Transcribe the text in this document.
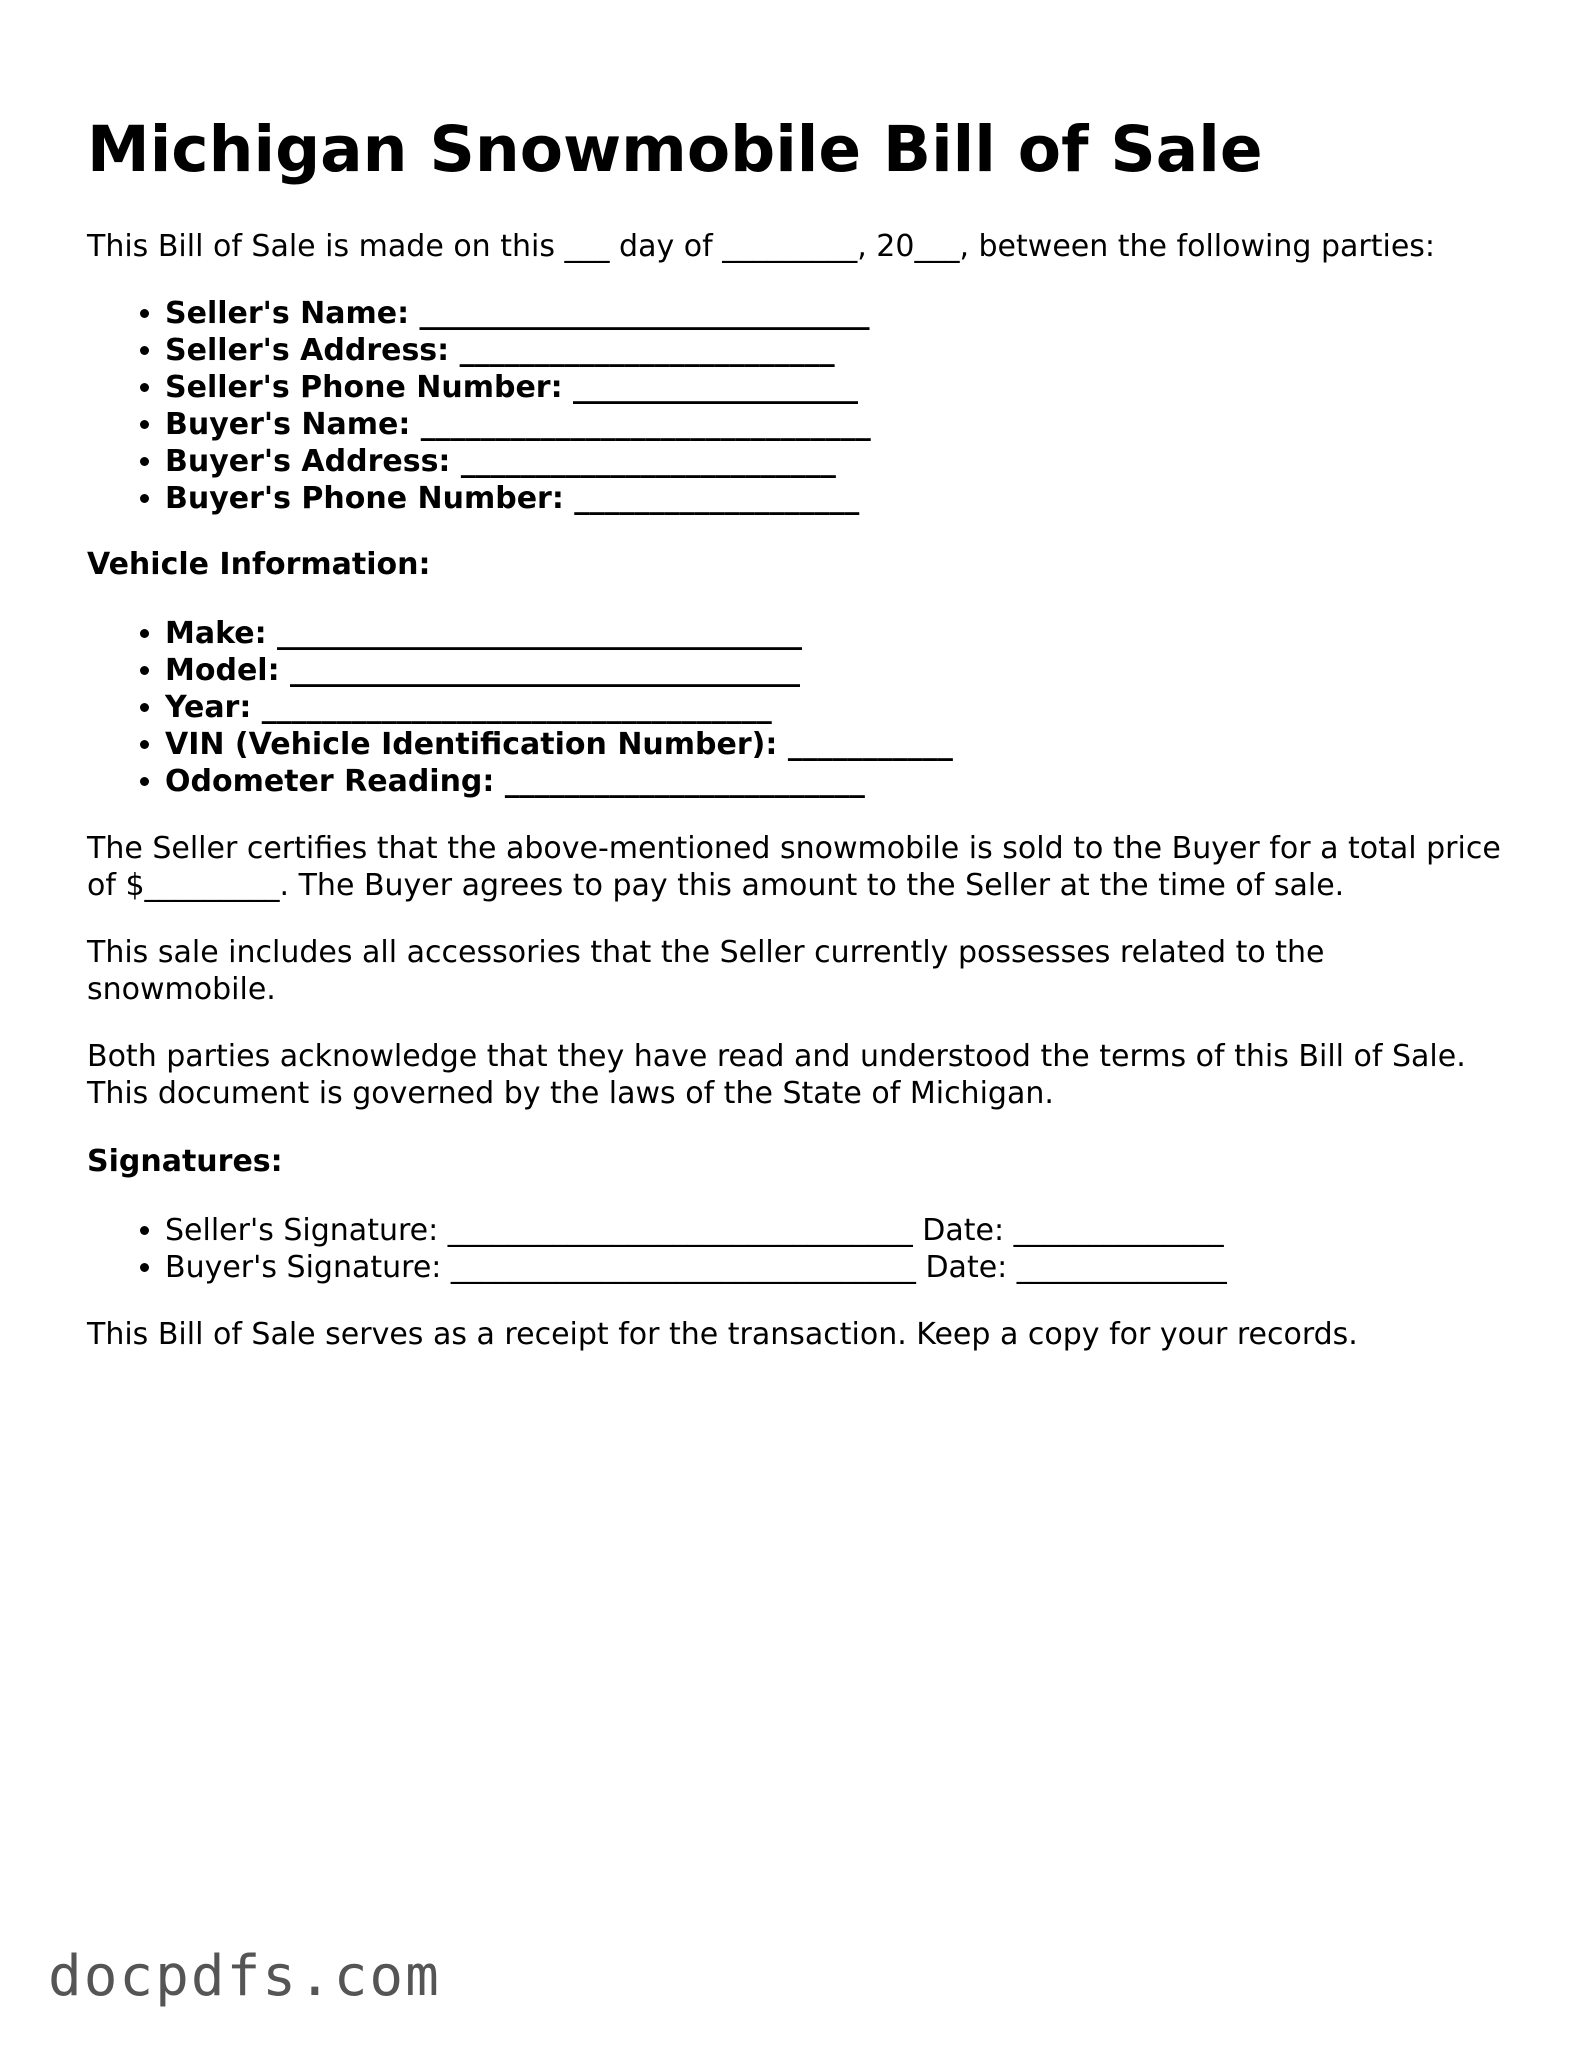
Michigan Snowmobile Bill of Sale

This Bill of Sale is made on this ___ day of _________, 20___, between the following parties:

• Seller's Name: ______________________________
• Seller's Address: _________________________
• Seller's Phone Number: ___________________
• Buyer's Name: ______________________________
• Buyer's Address: _________________________
• Buyer's Phone Number: ___________________

Vehicle Information:

• Make: ___________________________________
• Model: __________________________________
• Year: __________________________________
• VIN (Vehicle Identification Number): ___________
• Odometer Reading: ________________________

The Seller certifies that the above-mentioned snowmobile is sold to the Buyer for a total price of $_________. The Buyer agrees to pay this amount to the Seller at the time of sale.

This sale includes all accessories that the Seller currently possesses related to the snowmobile.

Both parties acknowledge that they have read and understood the terms of this Bill of Sale. This document is governed by the laws of the State of Michigan.

Signatures:

• Seller's Signature: _______________________________ Date: ______________
• Buyer's Signature: _______________________________ Date: ______________

This Bill of Sale serves as a receipt for the transaction. Keep a copy for your records.

docpdfs.com
